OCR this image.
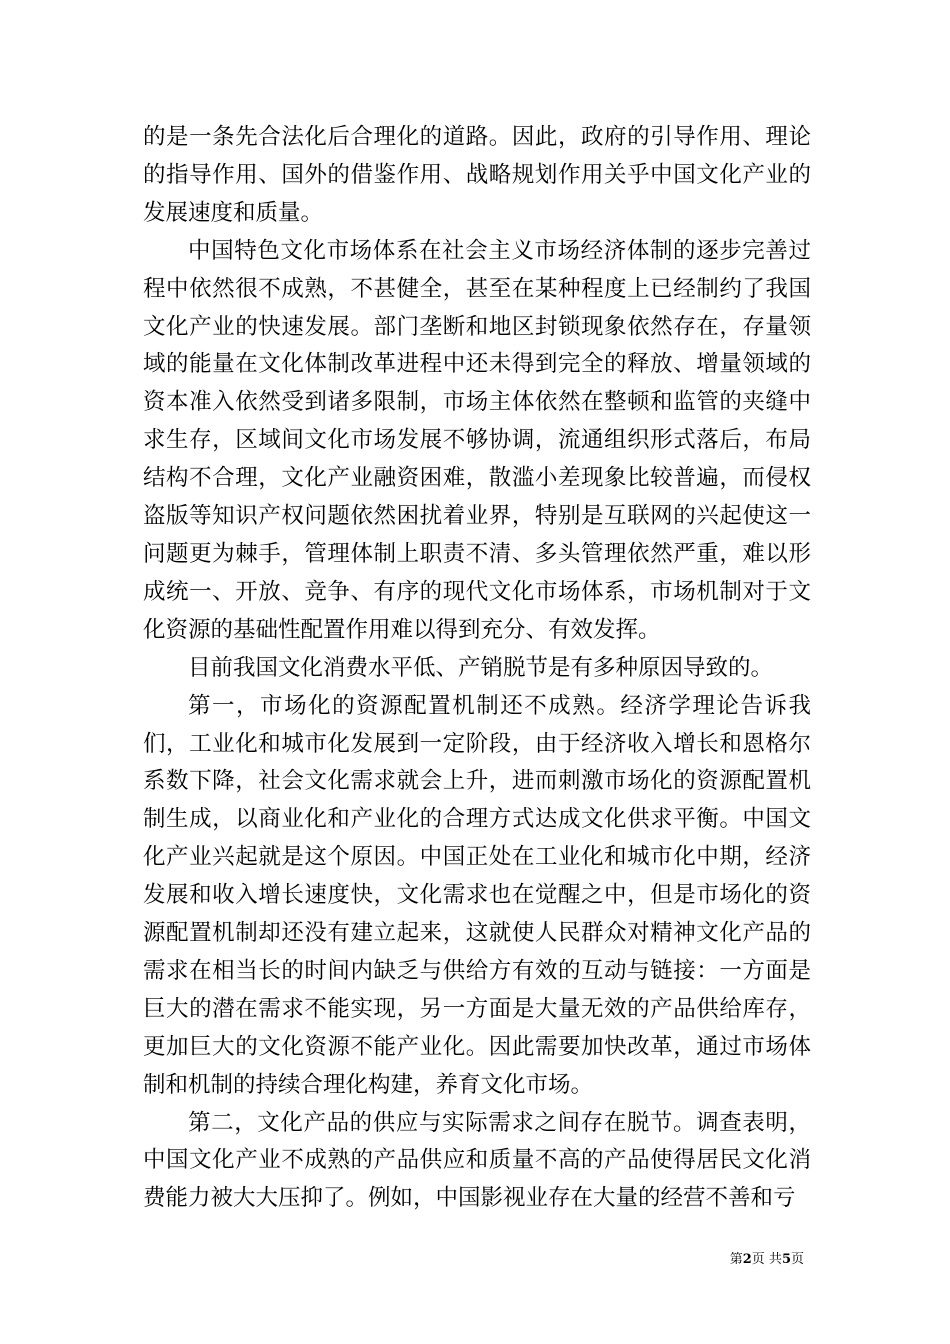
的是一条先合法化后合理化的道路。因此，政府的引导作用、理论的指导作用、国外的借鉴作用、战略规划作用关乎中国文化产业的发展速度和质量。

中国特色文化市场体系在社会主义市场经济体制的逐步完善过程中依然很不成熟，不甚健全，甚至在某种程度上已经制约了我国文化产业的快速发展。部门垄断和地区封锁现象依然存在，存量领域的能量在文化体制改革进程中还未得到完全的释放、增量领域的资本准入依然受到诸多限制，市场主体依然在整顿和监管的夹缝中求生存，区域间文化市场发展不够协调，流通组织形式落后，布局结构不合理，文化产业融资困难，散滥小差现象比较普遍，而侵权盗版等知识产权问题依然困扰着业界，特别是互联网的兴起使这一问题更为棘手，管理体制上职责不清、多头管理依然严重，难以形成统一、开放、竞争、有序的现代文化市场体系，市场机制对于文化资源的基础性配置作用难以得到充分、有效发挥。

目前我国文化消费水平低、产销脱节是有多种原因导致的。

第一，市场化的资源配置机制还不成熟。经济学理论告诉我们，工业化和城市化发展到一定阶段，由于经济收入增长和恩格尔系数下降，社会文化需求就会上升，进而刺激市场化的资源配置机制生成，以商业化和产业化的合理方式达成文化供求平衡。中国文化产业兴起就是这个原因。中国正处在工业化和城市化中期，经济发展和收入增长速度快，文化需求也在觉醒之中，但是市场化的资源配置机制却还没有建立起来，这就使人民群众对精神文化产品的需求在相当长的时间内缺乏与供给方有效的互动与链接：一方面是巨大的潜在需求不能实现，另一方面是大量无效的产品供给库存，更加巨大的文化资源不能产业化。因此需要加快改革，通过市场体制和机制的持续合理化构建，养育文化市场。

第二，文化产品的供应与实际需求之间存在脱节。调查表明，中国文化产业不成熟的产品供应和质量不高的产品使得居民文化消费能力被大大压抑了。例如，中国影视业存在大量的经营不善和亏

第2页 共5页
